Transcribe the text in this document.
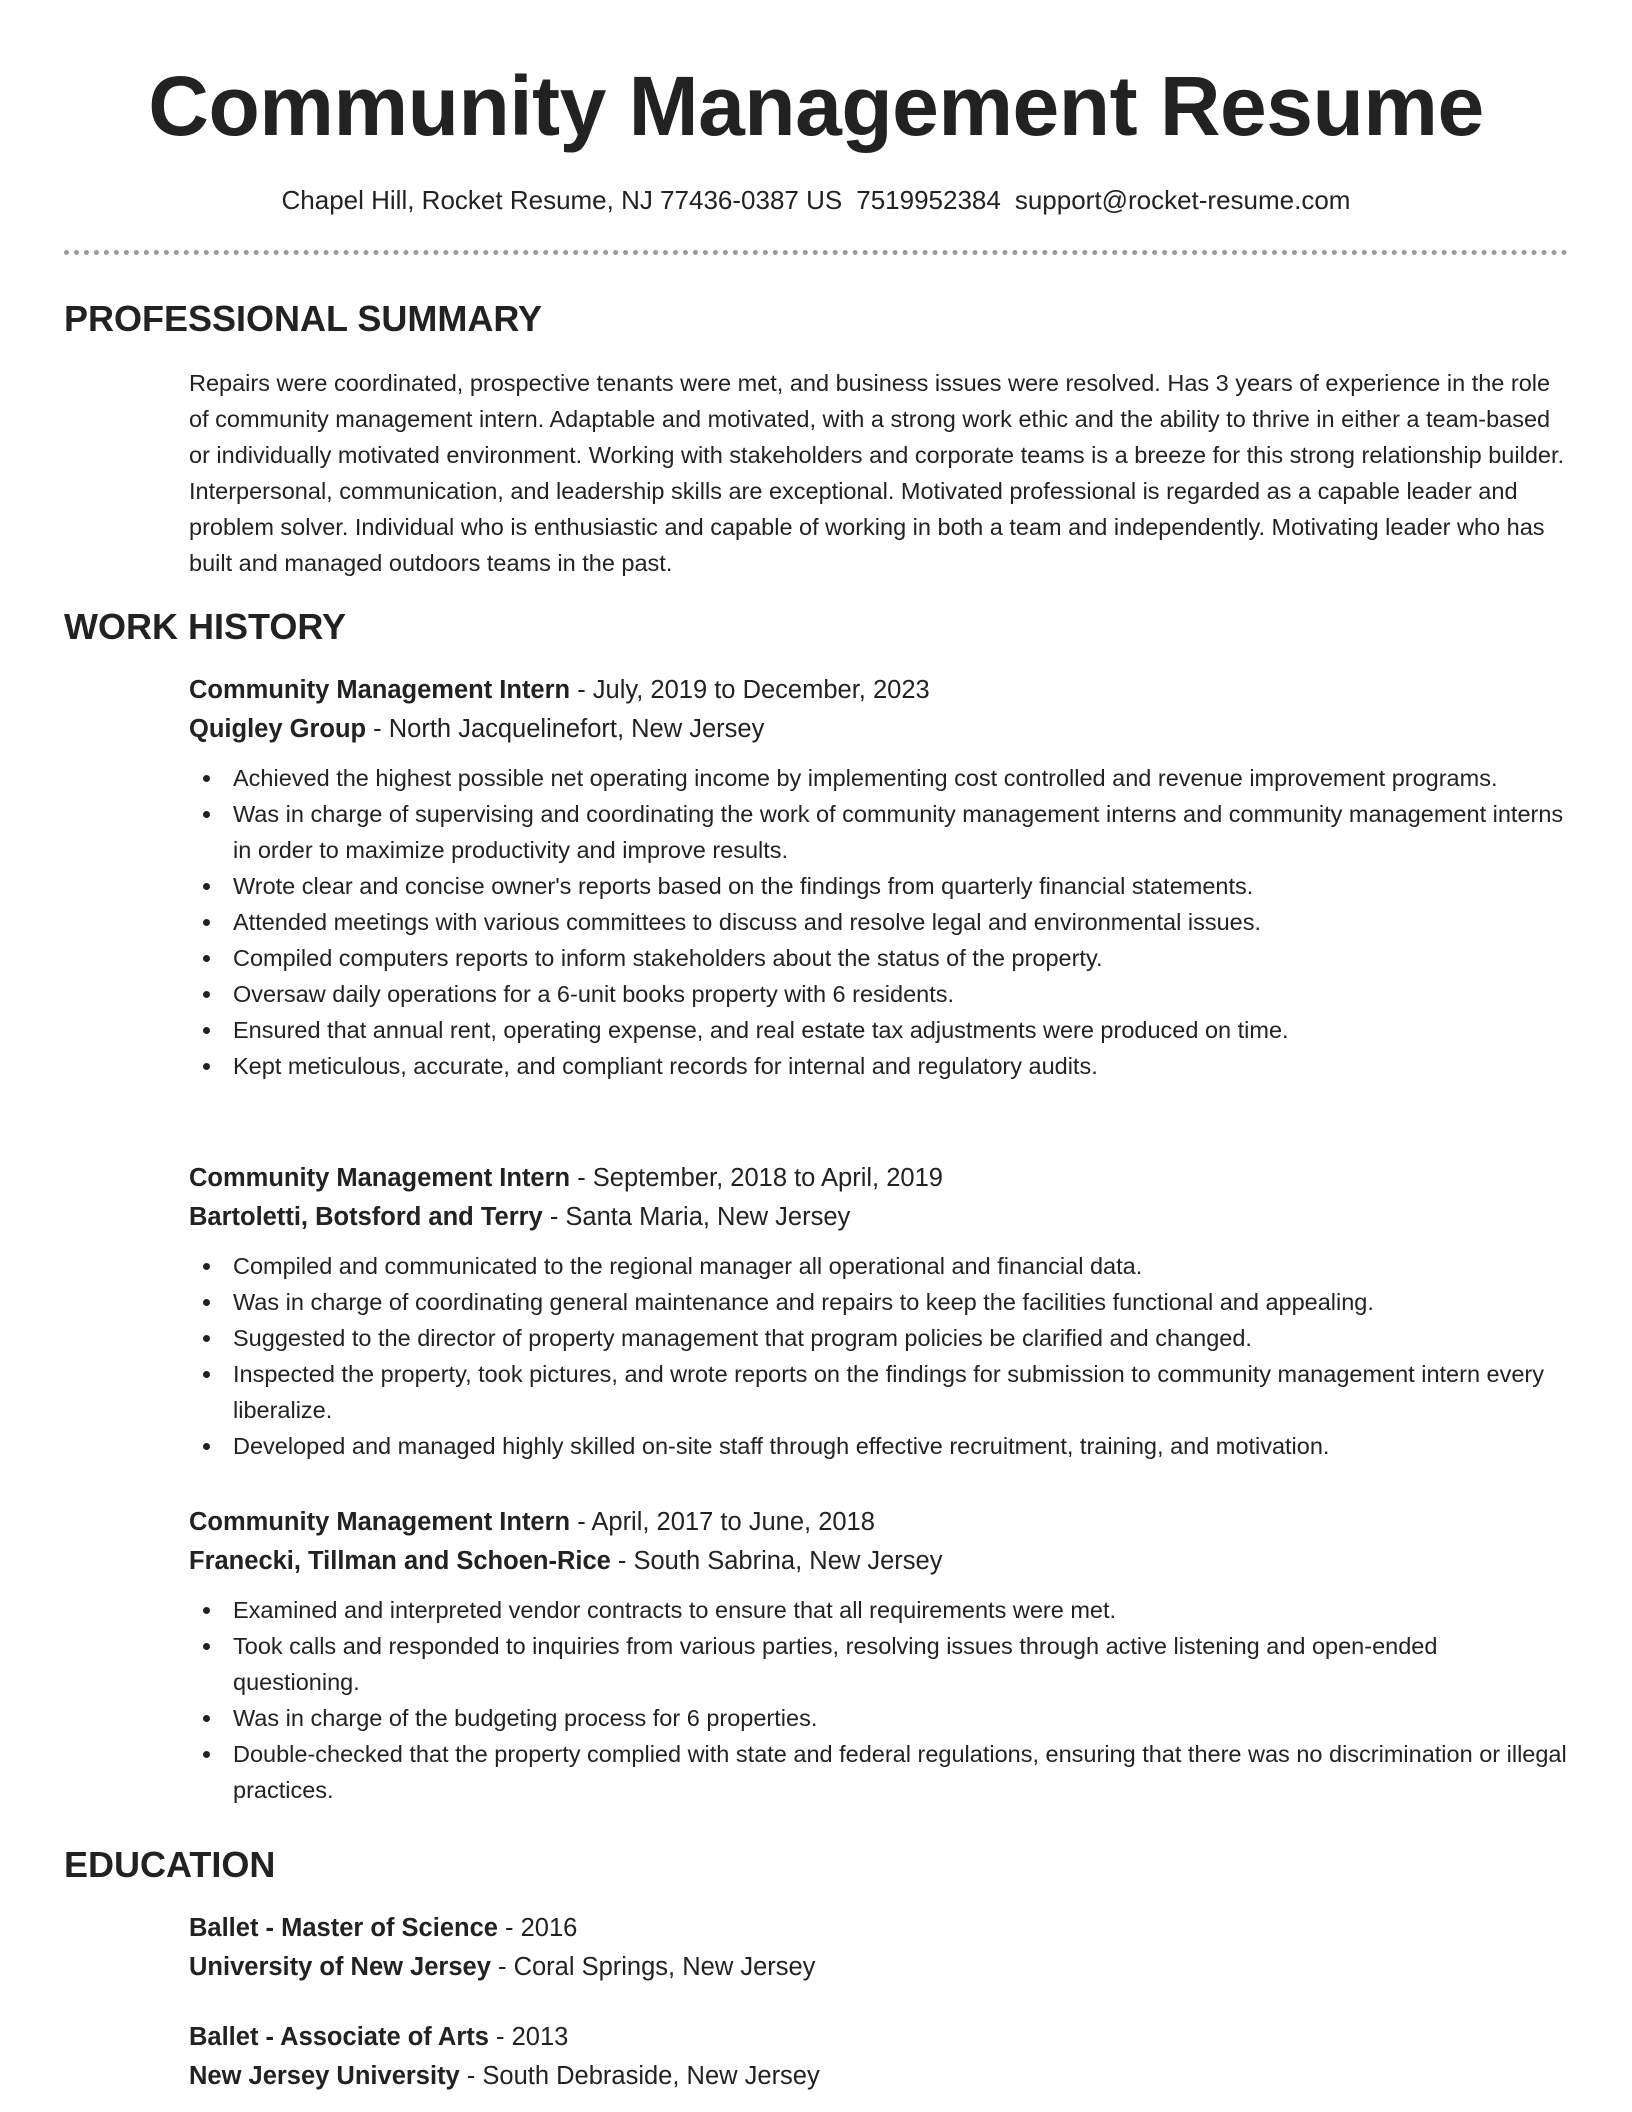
Community Management Resume
Chapel Hill, Rocket Resume, NJ 77436-0387 US 7519952384 support@rocket-resume.com
PROFESSIONAL SUMMARY
Repairs were coordinated, prospective tenants were met, and business issues were resolved. Has 3 years of experience in the role of community management intern. Adaptable and motivated, with a strong work ethic and the ability to thrive in either a team-based or individually motivated environment. Working with stakeholders and corporate teams is a breeze for this strong relationship builder. Interpersonal, communication, and leadership skills are exceptional. Motivated professional is regarded as a capable leader and problem solver. Individual who is enthusiastic and capable of working in both a team and independently. Motivating leader who has built and managed outdoors teams in the past.
WORK HISTORY
Community Management Intern - July, 2019 to December, 2023
Quigley Group - North Jacquelinefort, New Jersey
Achieved the highest possible net operating income by implementing cost controlled and revenue improvement programs.
Was in charge of supervising and coordinating the work of community management interns and community management interns in order to maximize productivity and improve results.
Wrote clear and concise owner's reports based on the findings from quarterly financial statements.
Attended meetings with various committees to discuss and resolve legal and environmental issues.
Compiled computers reports to inform stakeholders about the status of the property.
Oversaw daily operations for a 6-unit books property with 6 residents.
Ensured that annual rent, operating expense, and real estate tax adjustments were produced on time.
Kept meticulous, accurate, and compliant records for internal and regulatory audits.
Community Management Intern - September, 2018 to April, 2019
Bartoletti, Botsford and Terry - Santa Maria, New Jersey
Compiled and communicated to the regional manager all operational and financial data.
Was in charge of coordinating general maintenance and repairs to keep the facilities functional and appealing.
Suggested to the director of property management that program policies be clarified and changed.
Inspected the property, took pictures, and wrote reports on the findings for submission to community management intern every liberalize.
Developed and managed highly skilled on-site staff through effective recruitment, training, and motivation.
Community Management Intern - April, 2017 to June, 2018
Franecki, Tillman and Schoen-Rice - South Sabrina, New Jersey
Examined and interpreted vendor contracts to ensure that all requirements were met.
Took calls and responded to inquiries from various parties, resolving issues through active listening and open-ended questioning.
Was in charge of the budgeting process for 6 properties.
Double-checked that the property complied with state and federal regulations, ensuring that there was no discrimination or illegal practices.
EDUCATION
Ballet - Master of Science - 2016
University of New Jersey - Coral Springs, New Jersey
Ballet - Associate of Arts - 2013
New Jersey University - South Debraside, New Jersey
